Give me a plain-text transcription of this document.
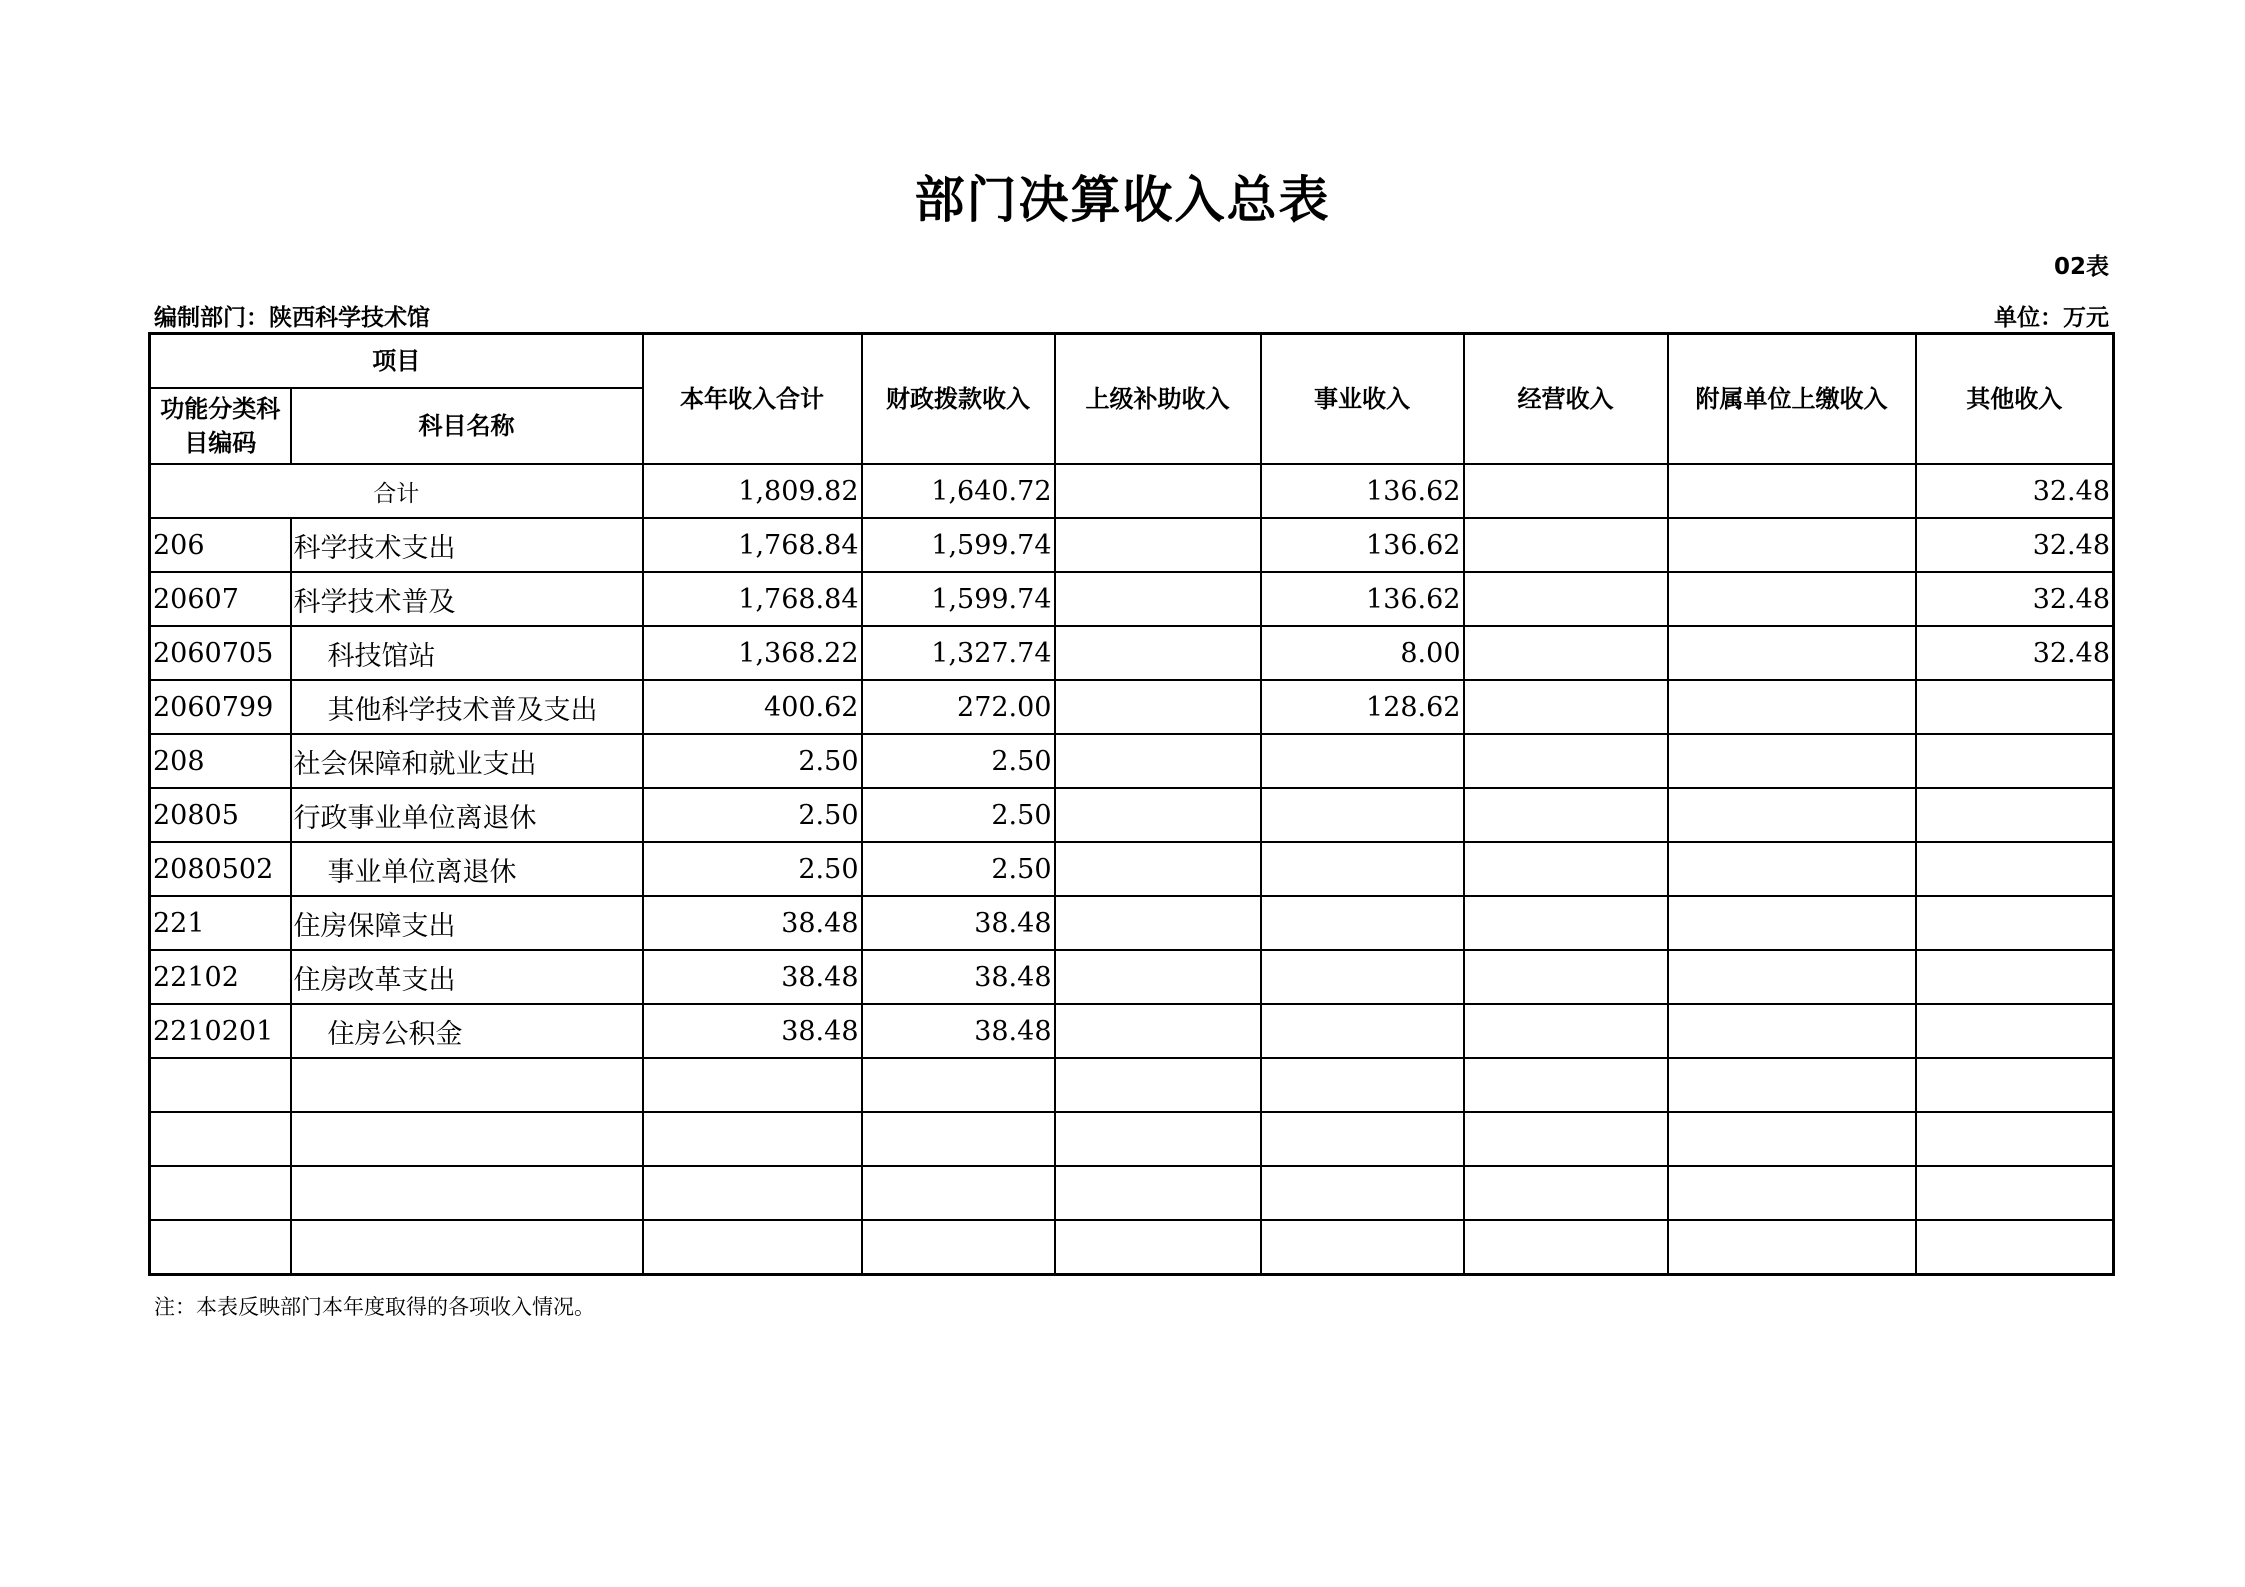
部门决算收入总表
02表
编制部门：陕西科学技术馆	单位：万元
项目		本年收入合计	财政拨款收入	上级补助收入	事业收入	经营收入	附属单位上缴收入	其他收入
功能分类科目编码	科目名称							
合计		1,809.82	1,640.72		136.62			32.48
206	科学技术支出	1,768.84	1,599.74		136.62			32.48
20607	科学技术普及	1,768.84	1,599.74		136.62			32.48
2060705	科技馆站	1,368.22	1,327.74		8.00			32.48
2060799	其他科学技术普及支出	400.62	272.00		128.62			
208	社会保障和就业支出	2.50	2.50					
20805	行政事业单位离退休	2.50	2.50					
2080502	事业单位离退休	2.50	2.50					
221	住房保障支出	38.48	38.48					
22102	住房改革支出	38.48	38.48					
2210201	住房公积金	38.48	38.48					

注：本表反映部门本年度取得的各项收入情况。
